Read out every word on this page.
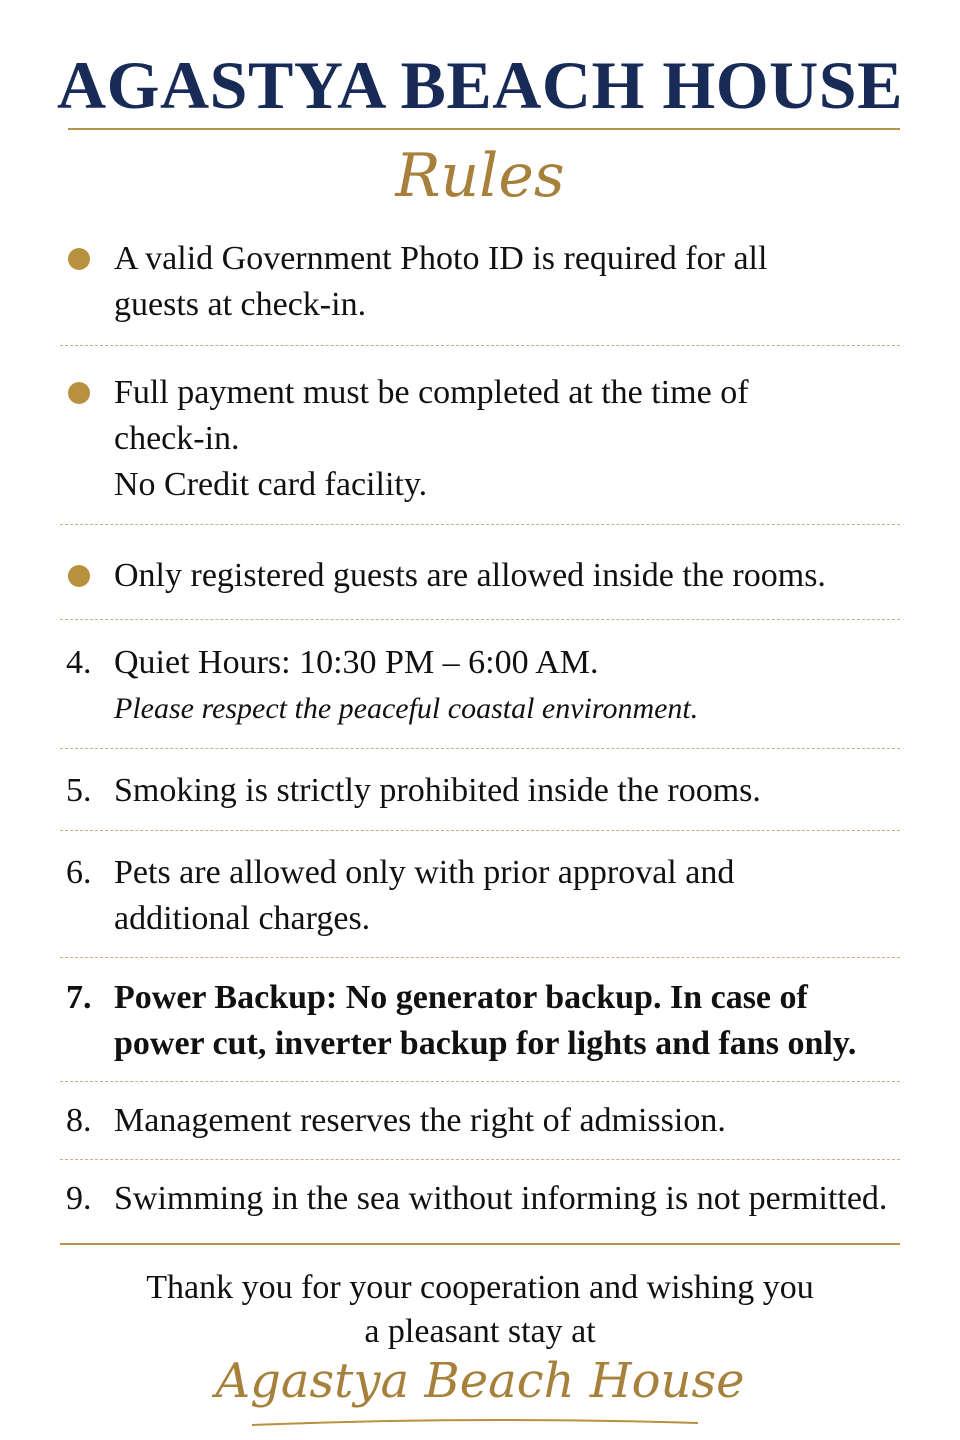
AGASTYA BEACH HOUSE
Rules
A valid Government Photo ID is required for all
guests at check-in.
Full payment must be completed at the time of
check-in.
No Credit card facility.
Only registered guests are allowed inside the rooms.
4. Quiet Hours: 10:30 PM – 6:00 AM.
Please respect the peaceful coastal environment.
5. Smoking is strictly prohibited inside the rooms.
6. Pets are allowed only with prior approval and
additional charges.
7. Power Backup: No generator backup. In case of
power cut, inverter backup for lights and fans only.
8. Management reserves the right of admission.
9. Swimming in the sea without informing is not permitted.
Thank you for your cooperation and wishing you
a pleasant stay at
Agastya Beach House
